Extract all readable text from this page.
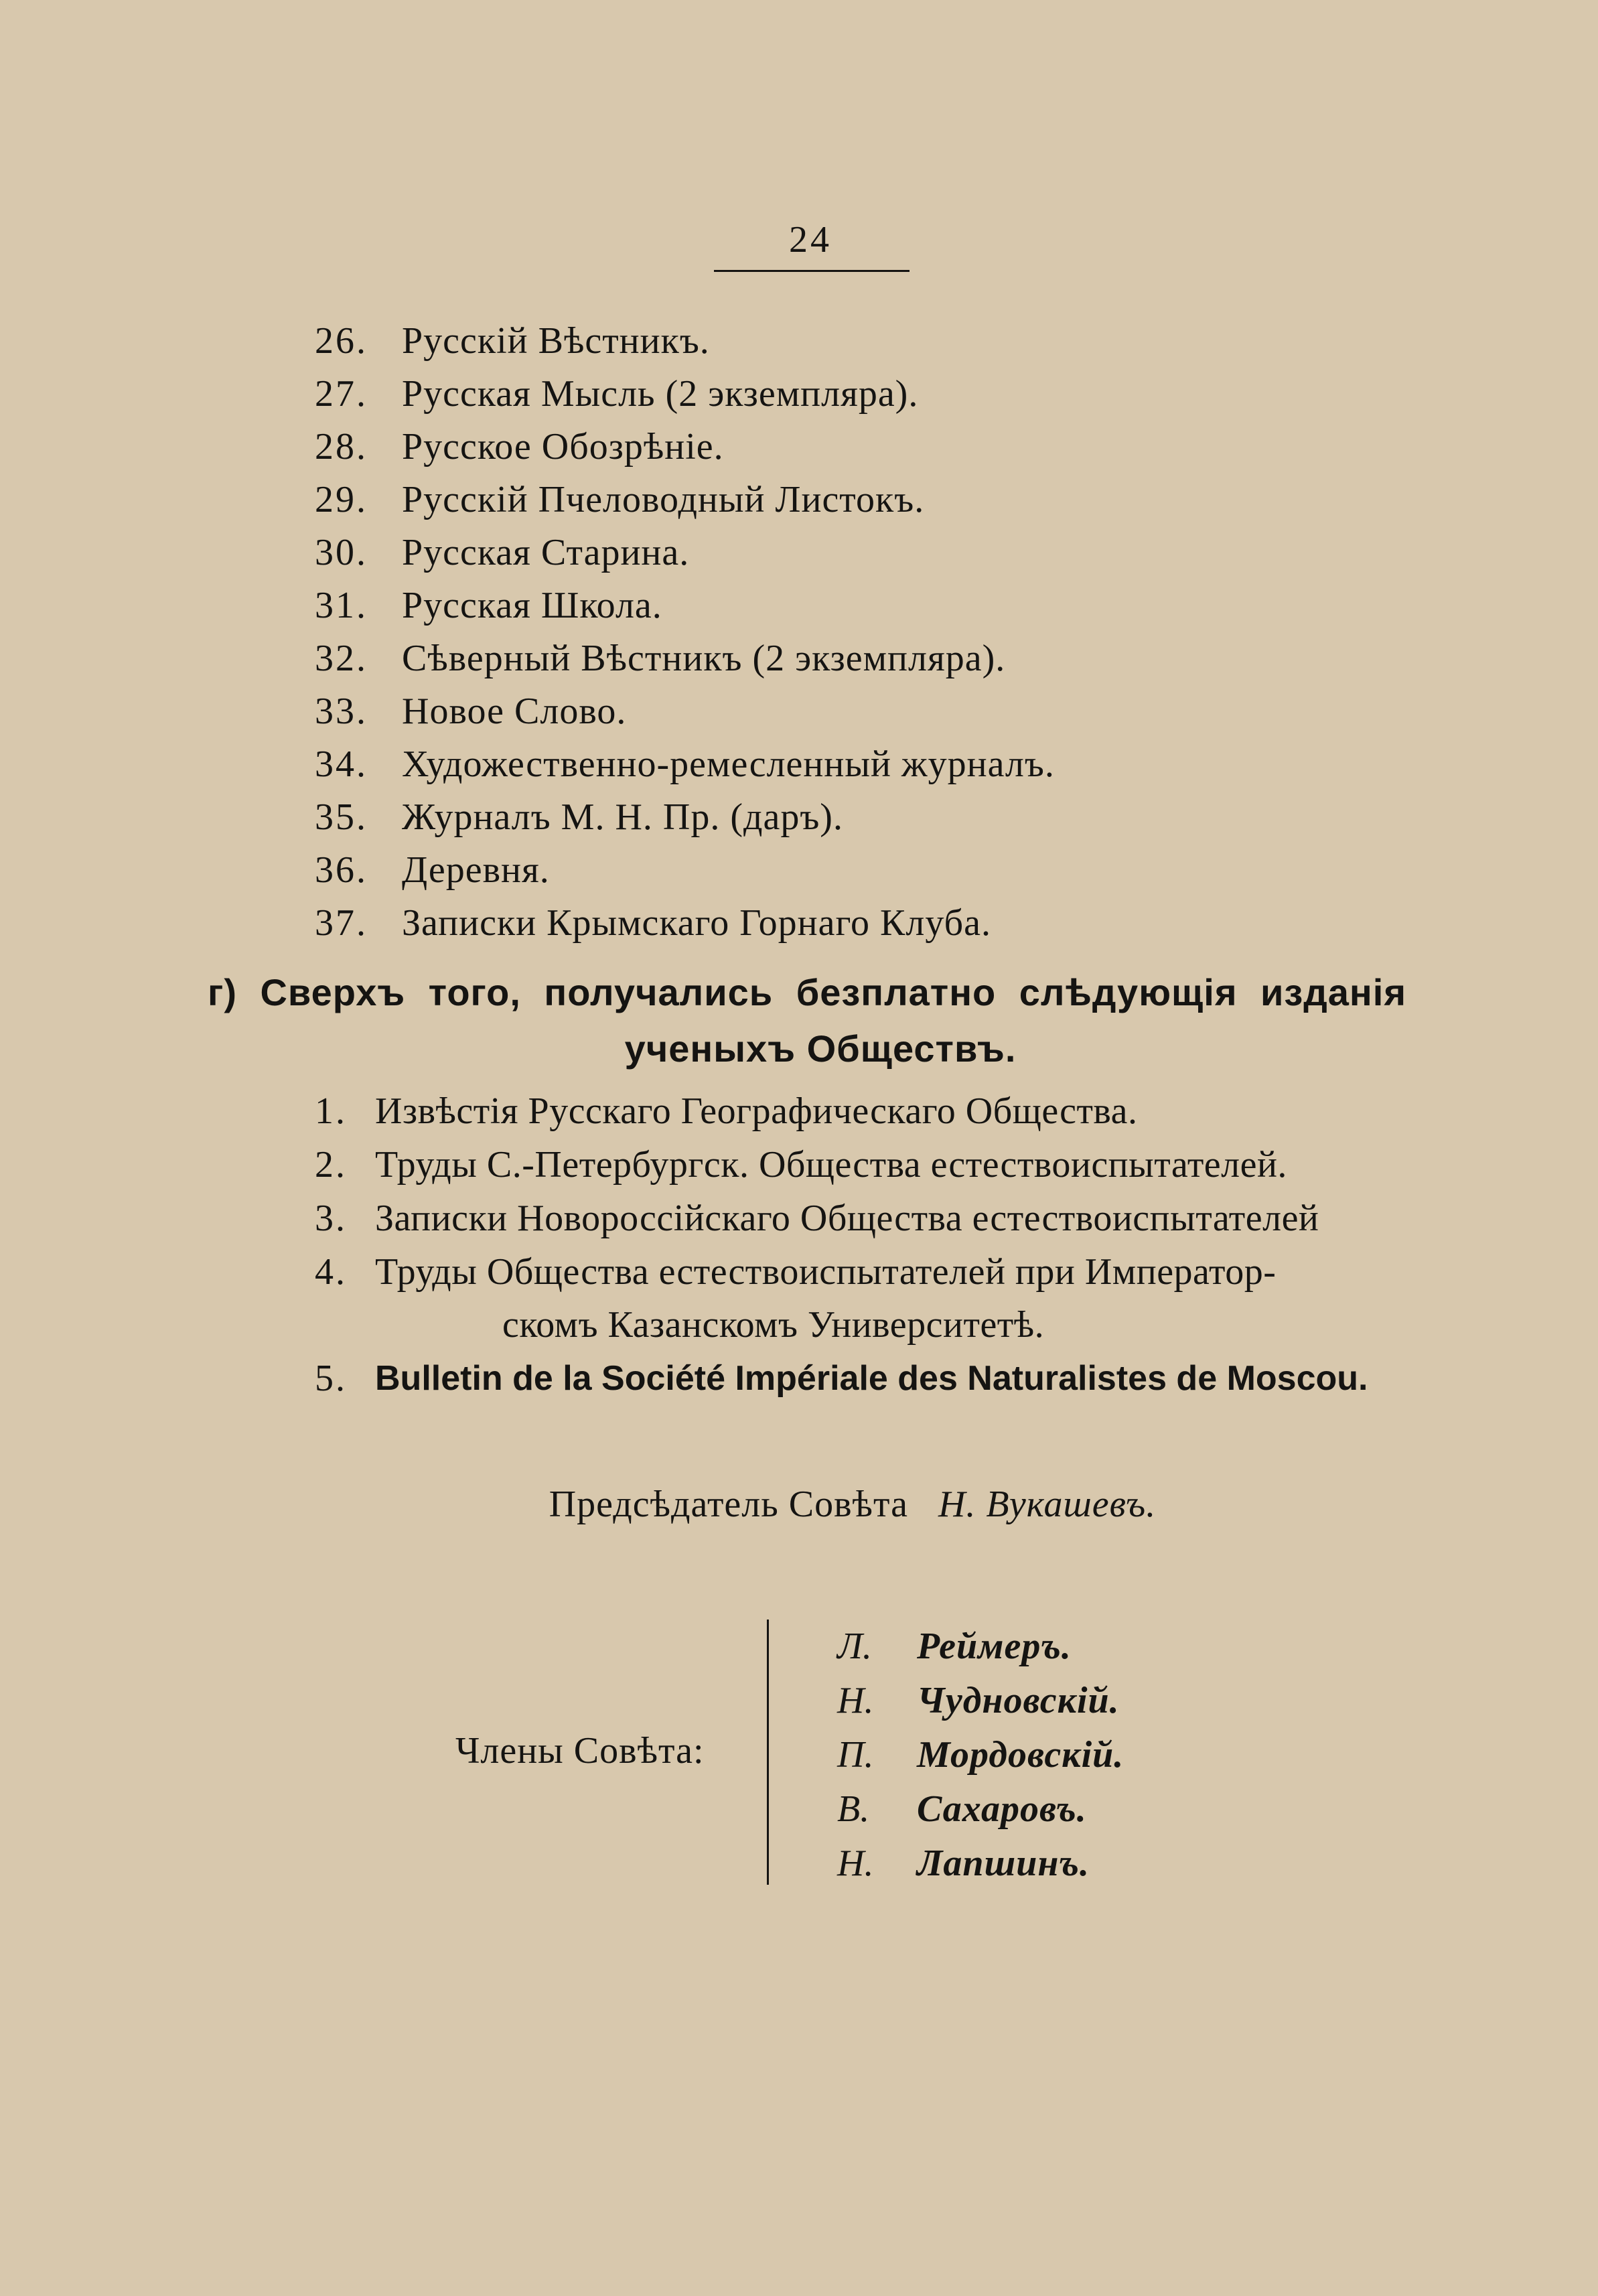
24
26. Русскій Вѣстникъ.
27. Русская Мысль (2 экземпляра).
28. Русское Обозрѣніе.
29. Русскій Пчеловодный Листокъ.
30. Русская Старина.
31. Русская Школа.
32. Сѣверный Вѣстникъ (2 экземпляра).
33. Новое Слово.
34. Художественно-ремесленный журналъ.
35. Журналъ М. Н. Пр. (даръ).
36. Деревня.
37. Записки Крымскаго Горнаго Клуба.
г) Сверхъ того, получались безплатно слѣдующія изданія
ученыхъ Обществъ.
1. Извѣстія Русскаго Географическаго Общества.
2. Труды С.-Петербургск. Общества естествоиспытателей.
3. Записки Новороссійскаго Общества естествоиспытателей
4. Труды Общества естествоиспытателей при Император-
скомъ Казанскомъ Университетѣ.
5. Bulletin de la Société Impériale des Naturalistes de Moscou.
Предсѣдатель Совѣта Н. Вукашевъ.
Члены Совѣта:
Л. Реймеръ.
Н. Чудновскій.
П. Мордовскій.
В. Сахаровъ.
Н. Лапшинъ.
